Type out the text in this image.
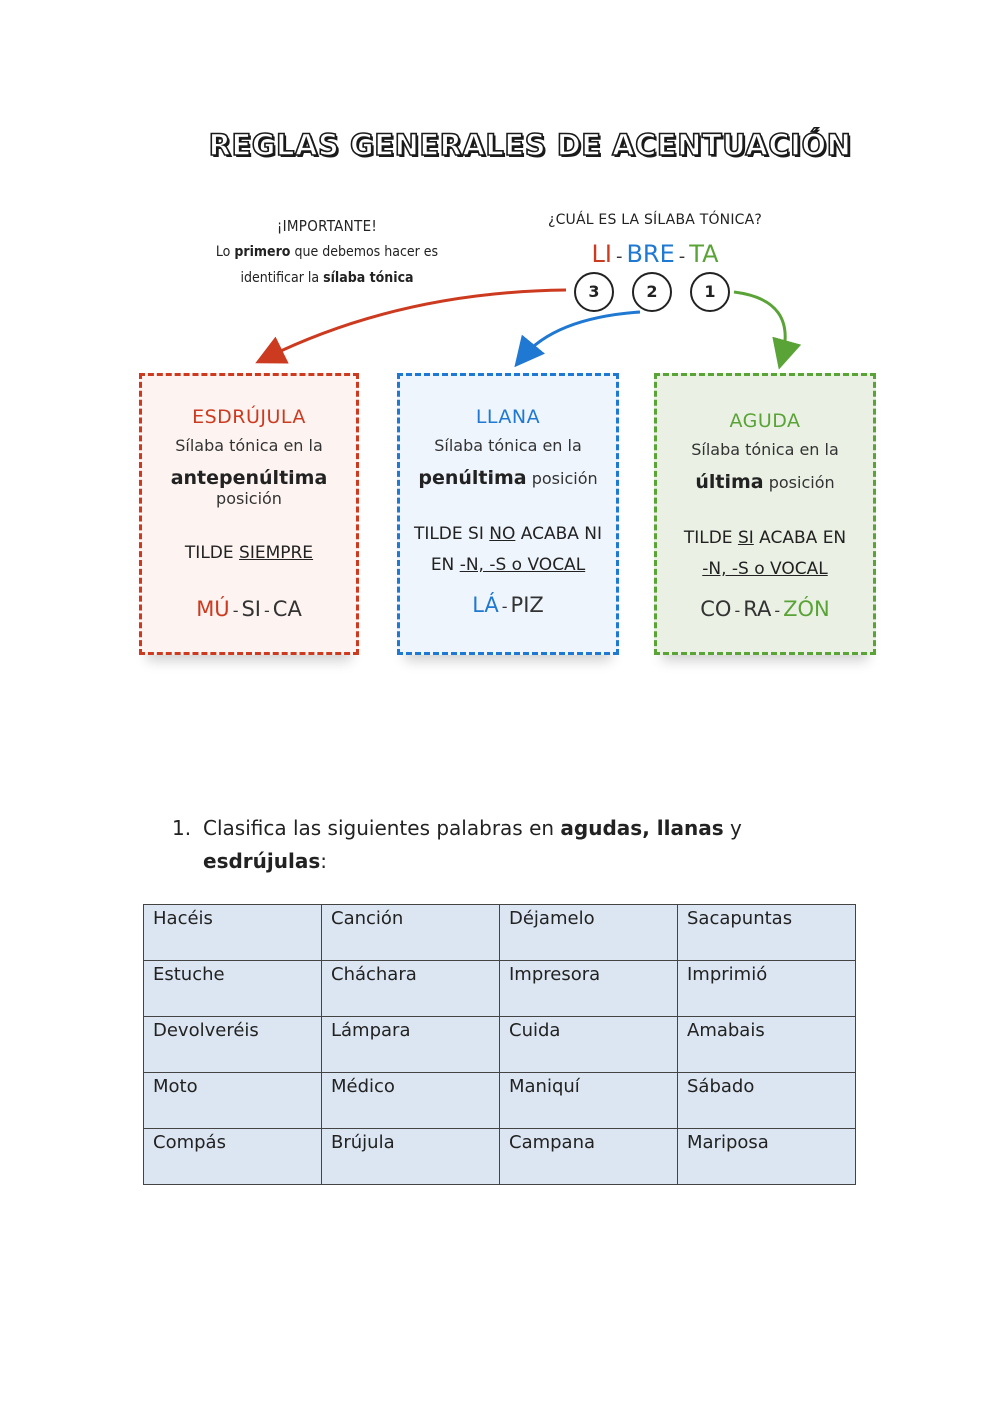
REGLAS GENERALES DE ACENTUACIÓN
¡IMPORTANTE!
Lo primero que debemos hacer es
identificar la sílaba tónica
¿CUÁL ES LA SÍLABA TÓNICA?
LI - BRE - TA
3	2	1
ESDRÚJULA
Sílaba tónica en la
antepenúltima posición
TILDE SIEMPRE
MÚ - SI - CA
LLANA
Sílaba tónica en la
penúltima posición
TILDE SI NO ACABA NI
EN -N, -S o VOCAL
LÁ - PIZ
AGUDA
Sílaba tónica en la
última posición
TILDE SI ACABA EN
-N, -S o VOCAL
CO - RA - ZÓN
1. Clasifica las siguientes palabras en agudas, llanas y
esdrújulas:
Hacéis	Canción	Déjamelo	Sacapuntas
Estuche	Cháchara	Impresora	Imprimió
Devolveréis	Lámpara	Cuida	Amabais
Moto	Médico	Maniquí	Sábado
Compás	Brújula	Campana	Mariposa
